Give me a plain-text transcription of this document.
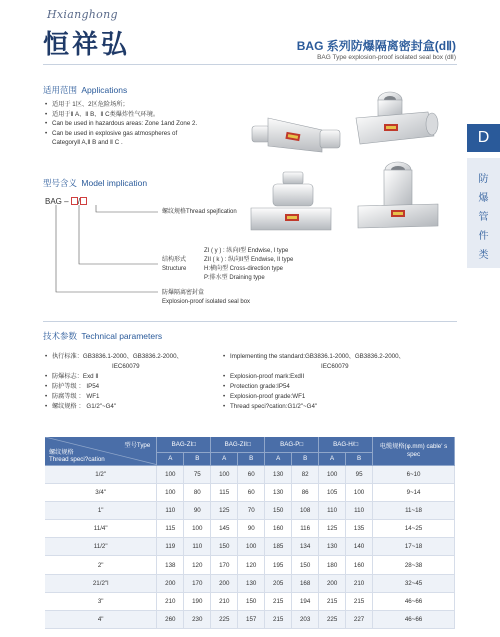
Hxianghong
恒祥弘	BAG 系列防爆隔离密封盒(dⅡ)
BAG Type explosion-proof isolated seal box (dⅡ)
D
防
爆
管
件
类
适用范围 Applications
• 适用于 1区、2区危险场所；
• 适用于Ⅱ A、Ⅱ B、Ⅱ C类爆炸性气环境。
• Can be used in hazardous areas: Zone 1and Zone 2.
• Can be used in explosive gas atmospheres of
CategoryⅡ A,Ⅱ B and Ⅱ C .
型号含义 Model implication
BAG – /
螺纹规格Thread spejfication
ZI ( y ) : 纵向I型 Endwise, I type
ZII ( k ) : 纵向II型 Endwise, II type
结构形式
Structure	H:横向型 Cross-direction type
P:排水型 Draining type
防爆隔离密封盒
Explosion-proof isolated seal box
技术参数 Technical parameters
• 执行标准：GB3836.1-2000、GB3836.2-2000、
IEC60079
• 防爆标志：Exd Ⅱ
• 防护等级 ： IP54
• 防腐等级 ： WF1
• 螺纹规格 ： G1/2"~G4"
• Implementing the standard:GB3836.1-2000、GB3836.2-2000、
IEC60079
• Explosion-proof mark:ExdII
• Protection grade:IP54
• Explosion-proof grade:WF1
• Thread speci?cation:G1/2"~G4"
型号Type
螺纹规格
Thread speci?cation	BAG-ZI□		BAG-ZII□		BAG-P□		BAG-H/□		电缆规格(φ.mm) cable' s spec
	A	B	A	B	A	B	A	B	
1/2"	100	75	100	60	130	82	100	95	6~10
3/4"	100	80	115	60	130	86	105	100	9~14
1"	110	90	125	70	150	108	110	110	11~18
11/4"	115	100	145	90	160	116	125	135	14~25
11/2"	119	110	150	100	185	134	130	140	17~18
2"	138	120	170	120	195	150	180	160	28~38
21/2"l	200	170	200	130	205	168	200	210	32~45
3"	210	190	210	150	215	194	215	215	46~66
4"	260	230	225	157	215	203	225	227	46~66
